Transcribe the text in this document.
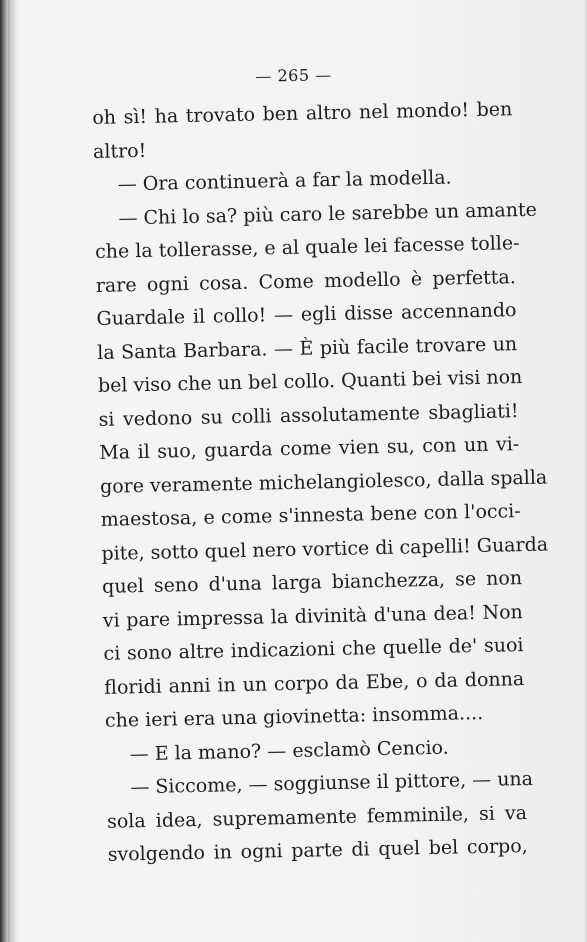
— 265 —
oh sì! ha trovato ben altro nel mondo! ben
altro!
— Ora continuerà a far la modella.
— Chi lo sa? più caro le sarebbe un amante
che la tollerasse, e al quale lei facesse tolle-
rare ogni cosa. Come modello è perfetta.
Guardale il collo! — egli disse accennando
la Santa Barbara. — È più facile trovare un
bel viso che un bel collo. Quanti bei visi non
si vedono su colli assolutamente sbagliati!
Ma il suo, guarda come vien su, con un vi-
gore veramente michelangiolesco, dalla spalla
maestosa, e come s'innesta bene con l'occi-
pite, sotto quel nero vortice di capelli! Guarda
quel seno d'una larga bianchezza, se non
vi pare impressa la divinità d'una dea! Non
ci sono altre indicazioni che quelle de' suoi
floridi anni in un corpo da Ebe, o da donna
che ieri era una giovinetta: insomma....
— E la mano? — esclamò Cencio.
— Siccome, — soggiunse il pittore, — una
sola idea, supremamente femminile, si va
svolgendo in ogni parte di quel bel corpo,
